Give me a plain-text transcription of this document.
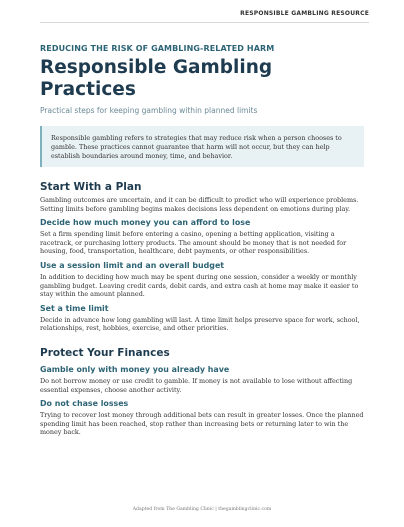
RESPONSIBLE GAMBLING RESOURCE
REDUCING THE RISK OF GAMBLING-RELATED HARM
Responsible Gambling
Practices
Practical steps for keeping gambling within planned limits
Responsible gambling refers to strategies that may reduce risk when a person chooses to gamble. These practices cannot guarantee that harm will not occur, but they can help establish boundaries around money, time, and behavior.
Start With a Plan

Gambling outcomes are uncertain, and it can be difficult to predict who will experience problems. Setting limits before gambling begins makes decisions less dependent on emotions during play.

Decide how much money you can afford to lose

Set a firm spending limit before entering a casino, opening a betting application, visiting a racetrack, or purchasing lottery products. The amount should be money that is not needed for housing, food, transportation, healthcare, debt payments, or other responsibilities.

Use a session limit and an overall budget

In addition to deciding how much may be spent during one session, consider a weekly or monthly gambling budget. Leaving credit cards, debit cards, and extra cash at home may make it easier to stay within the amount planned.

Set a time limit

Decide in advance how long gambling will last. A time limit helps preserve space for work, school, relationships, rest, hobbies, exercise, and other priorities.

Protect Your Finances
Gamble only with money you already have

Do not borrow money or use credit to gamble. If money is not available to lose without affecting essential expenses, choose another activity.

Do not chase losses

Trying to recover lost money through additional bets can result in greater losses. Once the planned spending limit has been reached, stop rather than increasing bets or returning later to win the money back.

Adapted from The Gambling Clinic | thegamblingclinic.com
